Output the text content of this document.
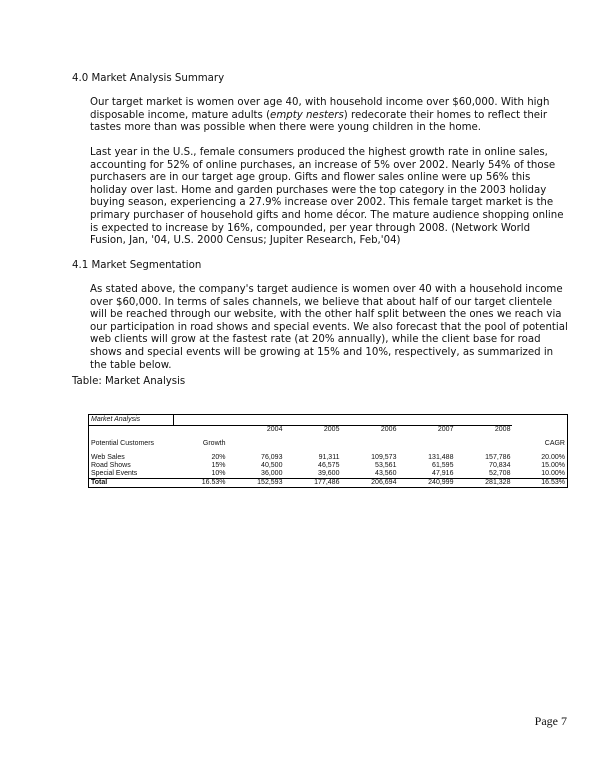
4.0 Market Analysis Summary

Our target market is women over age 40, with household income over $60,000. With high disposable income, mature adults (empty nesters) redecorate their homes to reflect their tastes more than was possible when there were young children in the home.

Last year in the U.S., female consumers produced the highest growth rate in online sales, accounting for 52% of online purchases, an increase of 5% over 2002. Nearly 54% of those purchasers are in our target age group. Gifts and flower sales online were up 56% this holiday over last. Home and garden purchases were the top category in the 2003 holiday buying season, experiencing a 27.9% increase over 2002. This female target market is the primary purchaser of household gifts and home décor. The mature audience shopping online is expected to increase by 16%, compounded, per year through 2008. (Network World Fusion, Jan, '04, U.S. 2000 Census; Jupiter Research, Feb,'04)

4.1 Market Segmentation

As stated above, the company's target audience is women over 40 with a household income over $60,000. In terms of sales channels, we believe that about half of our target clientele will be reached through our website, with the other half split between the ones we reach via our participation in road shows and special events. We also forecast that the pool of potential web clients will grow at the fastest rate (at 20% annually), while the client base for road shows and special events will be growing at 15% and 10%, respectively, as summarized in the table below.

Table: Market Analysis

Market Analysis							
		2004	2005	2006	2007	2008	

Potential Customers	Growth						CAGR

Web Sales	20%	76,093	91,311	109,573	131,488	157,786	20.00%
Road Shows	15%	40,500	46,575	53,561	61,595	70,834	15.00%
Special Events	10%	36,000	39,600	43,560	47,916	52,708	10.00%
Total	16.53%	152,593	177,486	206,694	240,999	281,328	16.53%

Page 7
